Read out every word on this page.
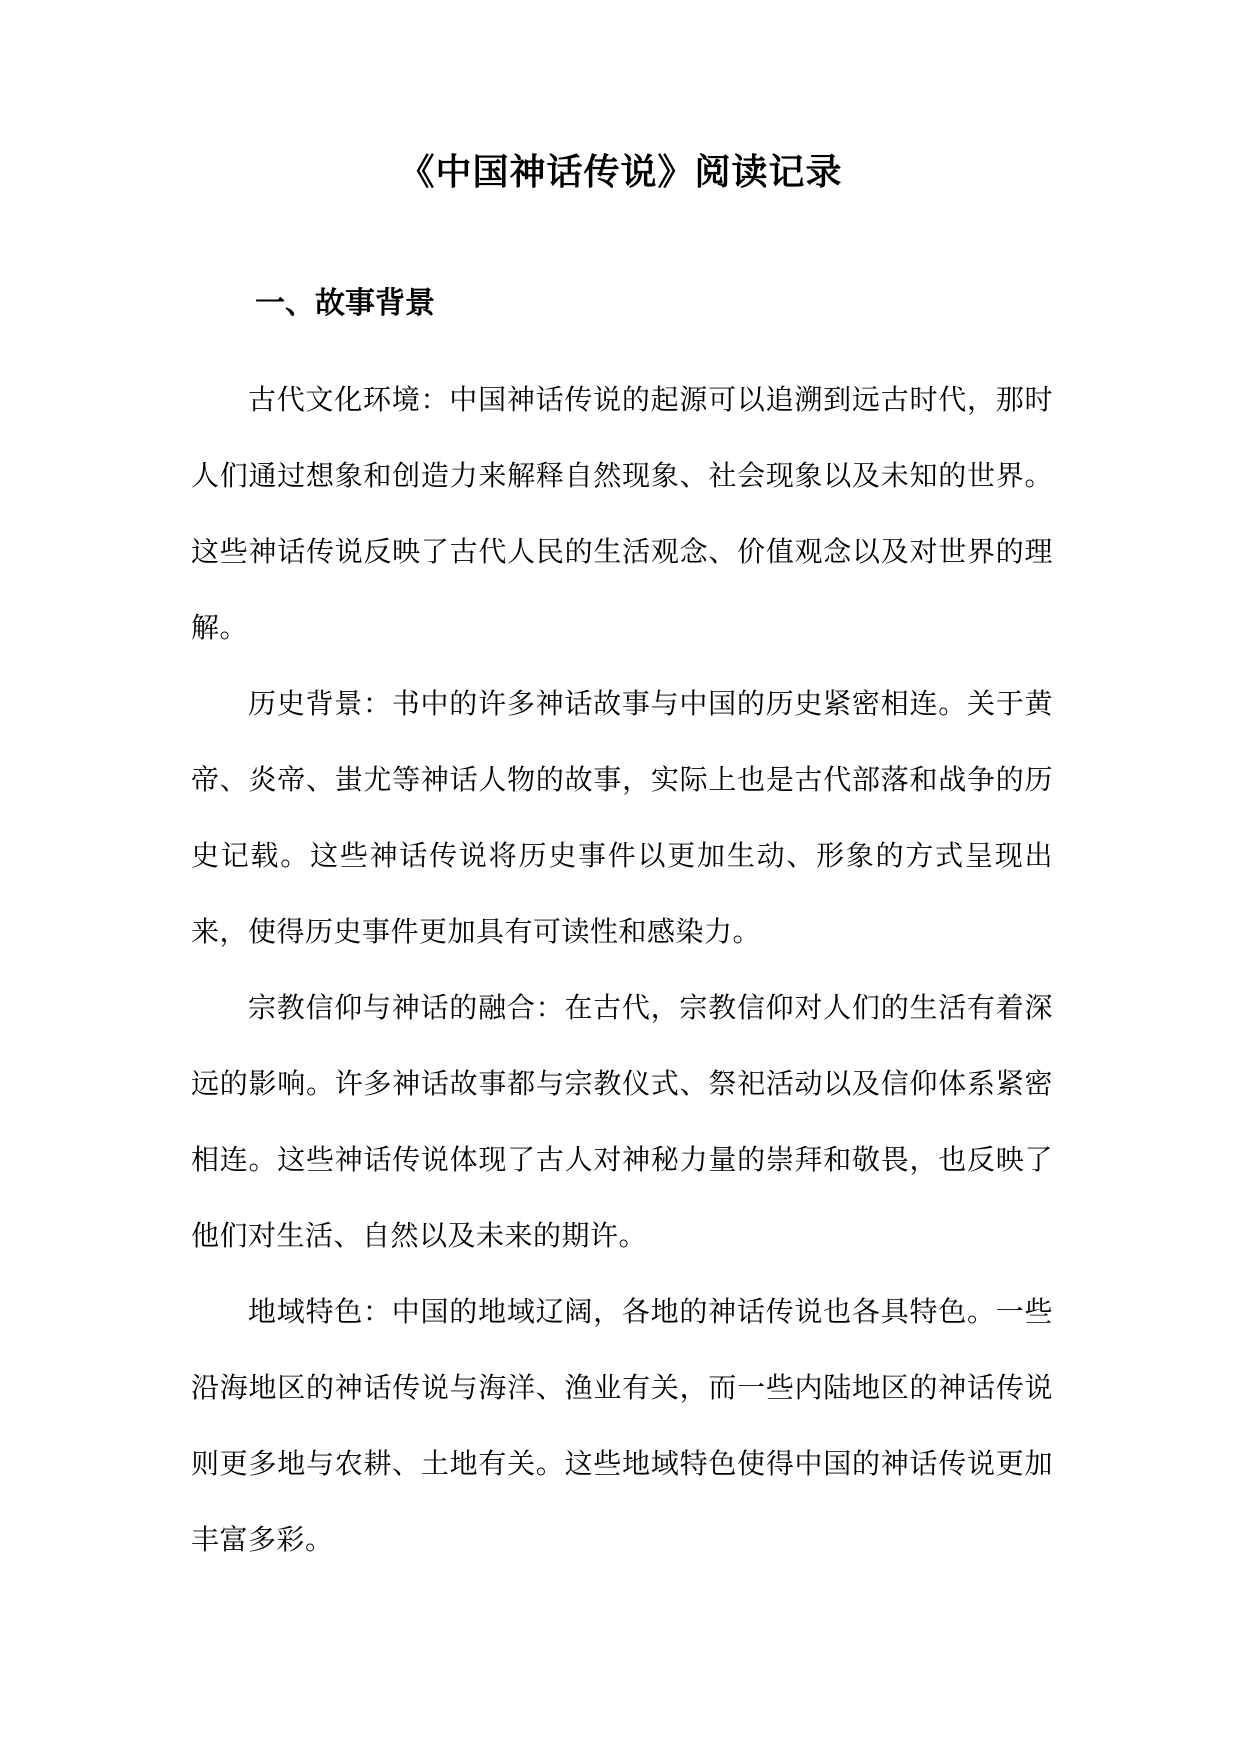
《中国神话传说》阅读记录
一、故事背景

古代文化环境：中国神话传说的起源可以追溯到远古时代，那时人们通过想象和创造力来解释自然现象、社会现象以及未知的世界。这些神话传说反映了古代人民的生活观念、价值观念以及对世界的理解。

历史背景：书中的许多神话故事与中国的历史紧密相连。关于黄帝、炎帝、蚩尤等神话人物的故事，实际上也是古代部落和战争的历史记载。这些神话传说将历史事件以更加生动、形象的方式呈现出来，使得历史事件更加具有可读性和感染力。

宗教信仰与神话的融合：在古代，宗教信仰对人们的生活有着深远的影响。许多神话故事都与宗教仪式、祭祀活动以及信仰体系紧密相连。这些神话传说体现了古人对神秘力量的崇拜和敬畏，也反映了他们对生活、自然以及未来的期许。

地域特色：中国的地域辽阔，各地的神话传说也各具特色。一些沿海地区的神话传说与海洋、渔业有关，而一些内陆地区的神话传说则更多地与农耕、土地有关。这些地域特色使得中国的神话传说更加丰富多彩。
